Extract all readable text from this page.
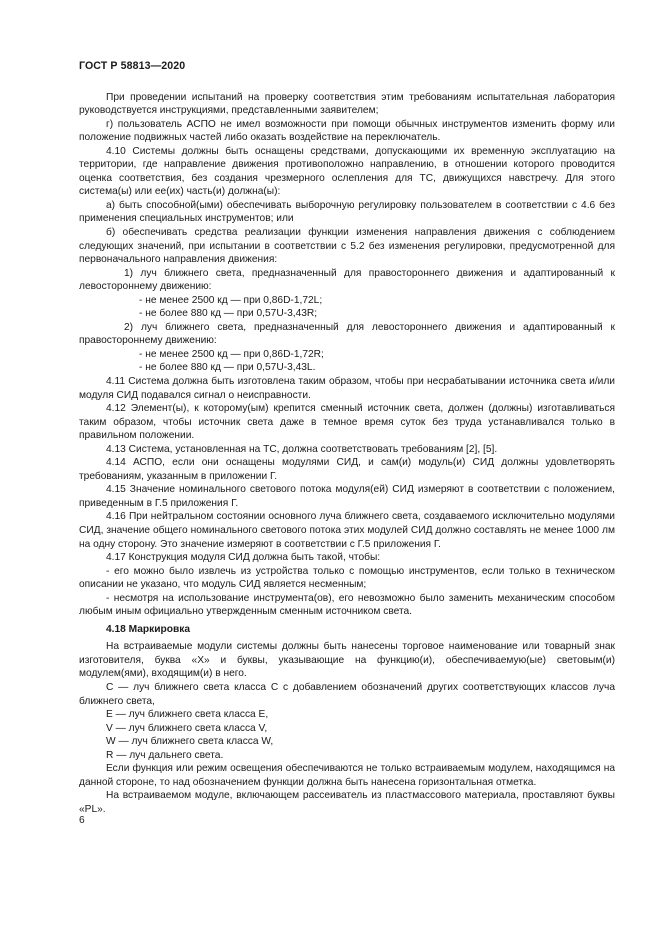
ГОСТ Р 58813—2020

При проведении испытаний на проверку соответствия этим требованиям испытательная лаборатория руководствуется инструкциями, представленными заявителем;

г) пользователь АСПО не имел возможности при помощи обычных инструментов изменить форму или положение подвижных частей либо оказать воздействие на переключатель.

4.10 Системы должны быть оснащены средствами, допускающими их временную эксплуатацию на территории, где направление движения противоположно направлению, в отношении которого проводится оценка соответствия, без создания чрезмерного ослепления для ТС, движущихся навстречу. Для этого система(ы) или ее(их) часть(и) должна(ы):

а) быть способной(ыми) обеспечивать выборочную регулировку пользователем в соответствии с 4.6 без применения специальных инструментов; или

б) обеспечивать средства реализации функции изменения направления движения с соблюдением следующих значений, при испытании в соответствии с 5.2 без изменения регулировки, предусмотренной для первоначального направления движения:

1) луч ближнего света, предназначенный для правостороннего движения и адаптированный к левостороннему движению:

- не менее 2500 кд — при 0,86D-1,72L;

- не более 880 кд — при 0,57U-3,43R;

2) луч ближнего света, предназначенный для левостороннего движения и адаптированный к правостороннему движению:

- не менее 2500 кд — при 0,86D-1,72R;

- не более 880 кд — при 0,57U-3,43L.

4.11 Система должна быть изготовлена таким образом, чтобы при несрабатывании источника света и/или модуля СИД подавался сигнал о неисправности.

4.12 Элемент(ы), к которому(ым) крепится сменный источник света, должен (должны) изготавливаться таким образом, чтобы источник света даже в темное время суток без труда устанавливался только в правильном положении.

4.13 Система, установленная на ТС, должна соответствовать требованиям [2], [5].

4.14 АСПО, если они оснащены модулями СИД, и сам(и) модуль(и) СИД должны удовлетворять требованиям, указанным в приложении Г.

4.15 Значение номинального светового потока модуля(ей) СИД измеряют в соответствии с положением, приведенным в Г.5 приложения Г.

4.16 При нейтральном состоянии основного луча ближнего света, создаваемого исключительно модулями СИД, значение общего номинального светового потока этих модулей СИД должно составлять не менее 1000 лм на одну сторону. Это значение измеряют в соответствии с Г.5 приложения Г.

4.17 Конструкция модуля СИД должна быть такой, чтобы:

- его можно было извлечь из устройства только с помощью инструментов, если только в техническом описании не указано, что модуль СИД является несменным;

- несмотря на использование инструмента(ов), его невозможно было заменить механическим способом любым иным официально утвержденным сменным источником света.

4.18 Маркировка

На встраиваемые модули системы должны быть нанесены торговое наименование или товарный знак изготовителя, буква «X» и буквы, указывающие на функцию(и), обеспечиваемую(ые) световым(и) модулем(ями), входящим(и) в него.

С — луч ближнего света класса С с добавлением обозначений других соответствующих классов луча ближнего света,

Е — луч ближнего света класса Е,

V — луч ближнего света класса V,

W — луч ближнего света класса W,

R — луч дальнего света.

Если функция или режим освещения обеспечиваются не только встраиваемым модулем, находящимся на данной стороне, то над обозначением функции должна быть нанесена горизонтальная отметка.

На встраиваемом модуле, включающем рассеиватель из пластмассового материала, проставляют буквы «PL».

6
